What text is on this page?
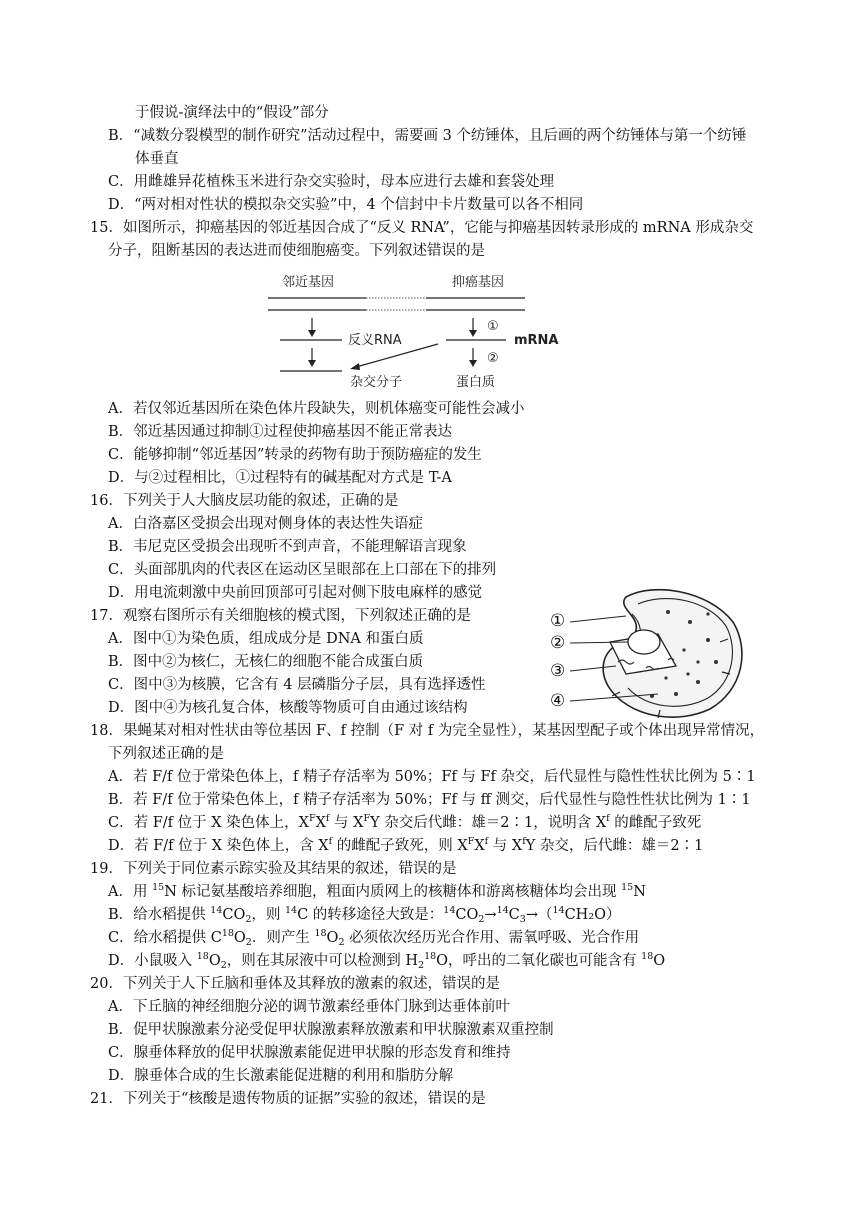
于假说-演绎法中的“假设”部分
B．“减数分裂模型的制作研究”活动过程中，需要画 3 个纺锤体，且后画的两个纺锤体与第一个纺锤
体垂直
C．用雌雄异花植株玉米进行杂交实验时，母本应进行去雄和套袋处理
D．“两对相对性状的模拟杂交实验”中，4 个信封中卡片数量可以各不相同
15．如图所示，抑癌基因的邻近基因合成了“反义 RNA”，它能与抑癌基因转录形成的 mRNA 形成杂交
分子，阻断基因的表达进而使细胞癌变。下列叙述错误的是
邻近基因	抑癌基因
反义RNA
杂交分子
①
mRNA
②
蛋白质
A．若仅邻近基因所在染色体片段缺失，则机体癌变可能性会减小
B．邻近基因通过抑制①过程使抑癌基因不能正常表达
C．能够抑制“邻近基因”转录的药物有助于预防癌症的发生
D．与②过程相比，①过程特有的碱基配对方式是 T-A
16．下列关于人大脑皮层功能的叙述，正确的是
A．白洛嘉区受损会出现对侧身体的表达性失语症
B．韦尼克区受损会出现听不到声音，不能理解语言现象
C．头面部肌肉的代表区在运动区呈眼部在上口部在下的排列
D．用电流刺激中央前回顶部可引起对侧下肢电麻样的感觉
17．观察右图所示有关细胞核的模式图，下列叙述正确的是
A．图中①为染色质，组成成分是 DNA 和蛋白质
B．图中②为核仁，无核仁的细胞不能合成蛋白质
C．图中③为核膜，它含有 4 层磷脂分子层，具有选择透性
D．图中④为核孔复合体，核酸等物质可自由通过该结构
①
②
③
④
18．果蝇某对相对性状由等位基因 F、f 控制（F 对 f 为完全显性），某基因型配子或个体出现异常情况，
下列叙述正确的是
A．若 F/f 位于常染色体上，f 精子存活率为 50%；Ff 与 Ff 杂交，后代显性与隐性性状比例为 5∶1
B．若 F/f 位于常染色体上，f 精子存活率为 50%；Ff 与 ff 测交，后代显性与隐性性状比例为 1∶1
C．若 F/f 位于 X 染色体上，$X^FX^f$ 与 $X^FY$ 杂交后代雌：雄＝2∶1，说明含 $X^f$ 的雌配子致死
D．若 F/f 位于 X 染色体上，含 $X^f$ 的雌配子致死，则 $X^FX^f$ 与 $X^fY$ 杂交，后代雌：雄＝2∶1
19．下列关于同位素示踪实验及其结果的叙述，错误的是
A．用 $^{15}$N 标记氨基酸培养细胞，粗面内质网上的核糖体和游离核糖体均会出现 $^{15}$N
B．给水稻提供 $^{14}CO_2$，则 $^{14}$C 的转移途径大致是：$^{14}CO_2\to^{14}C_3\to(^{14}CH_2O)$
C．给水稻提供 $C^{18}O_2$．则产生 $^{18}O_2$ 必须依次经历光合作用、需氧呼吸、光合作用
D．小鼠吸入 $^{18}O_2$，则在其尿液中可以检测到 $H_2^{18}O$，呼出的二氧化碳也可能含有 $^{18}$O
20．下列关于人下丘脑和垂体及其释放的激素的叙述，错误的是
A．下丘脑的神经细胞分泌的调节激素经垂体门脉到达垂体前叶
B．促甲状腺激素分泌受促甲状腺激素释放激素和甲状腺激素双重控制
C．腺垂体释放的促甲状腺激素能促进甲状腺的形态发育和维持
D．腺垂体合成的生长激素能促进糖的利用和脂肪分解
21．下列关于“核酸是遗传物质的证据”实验的叙述，错误的是
